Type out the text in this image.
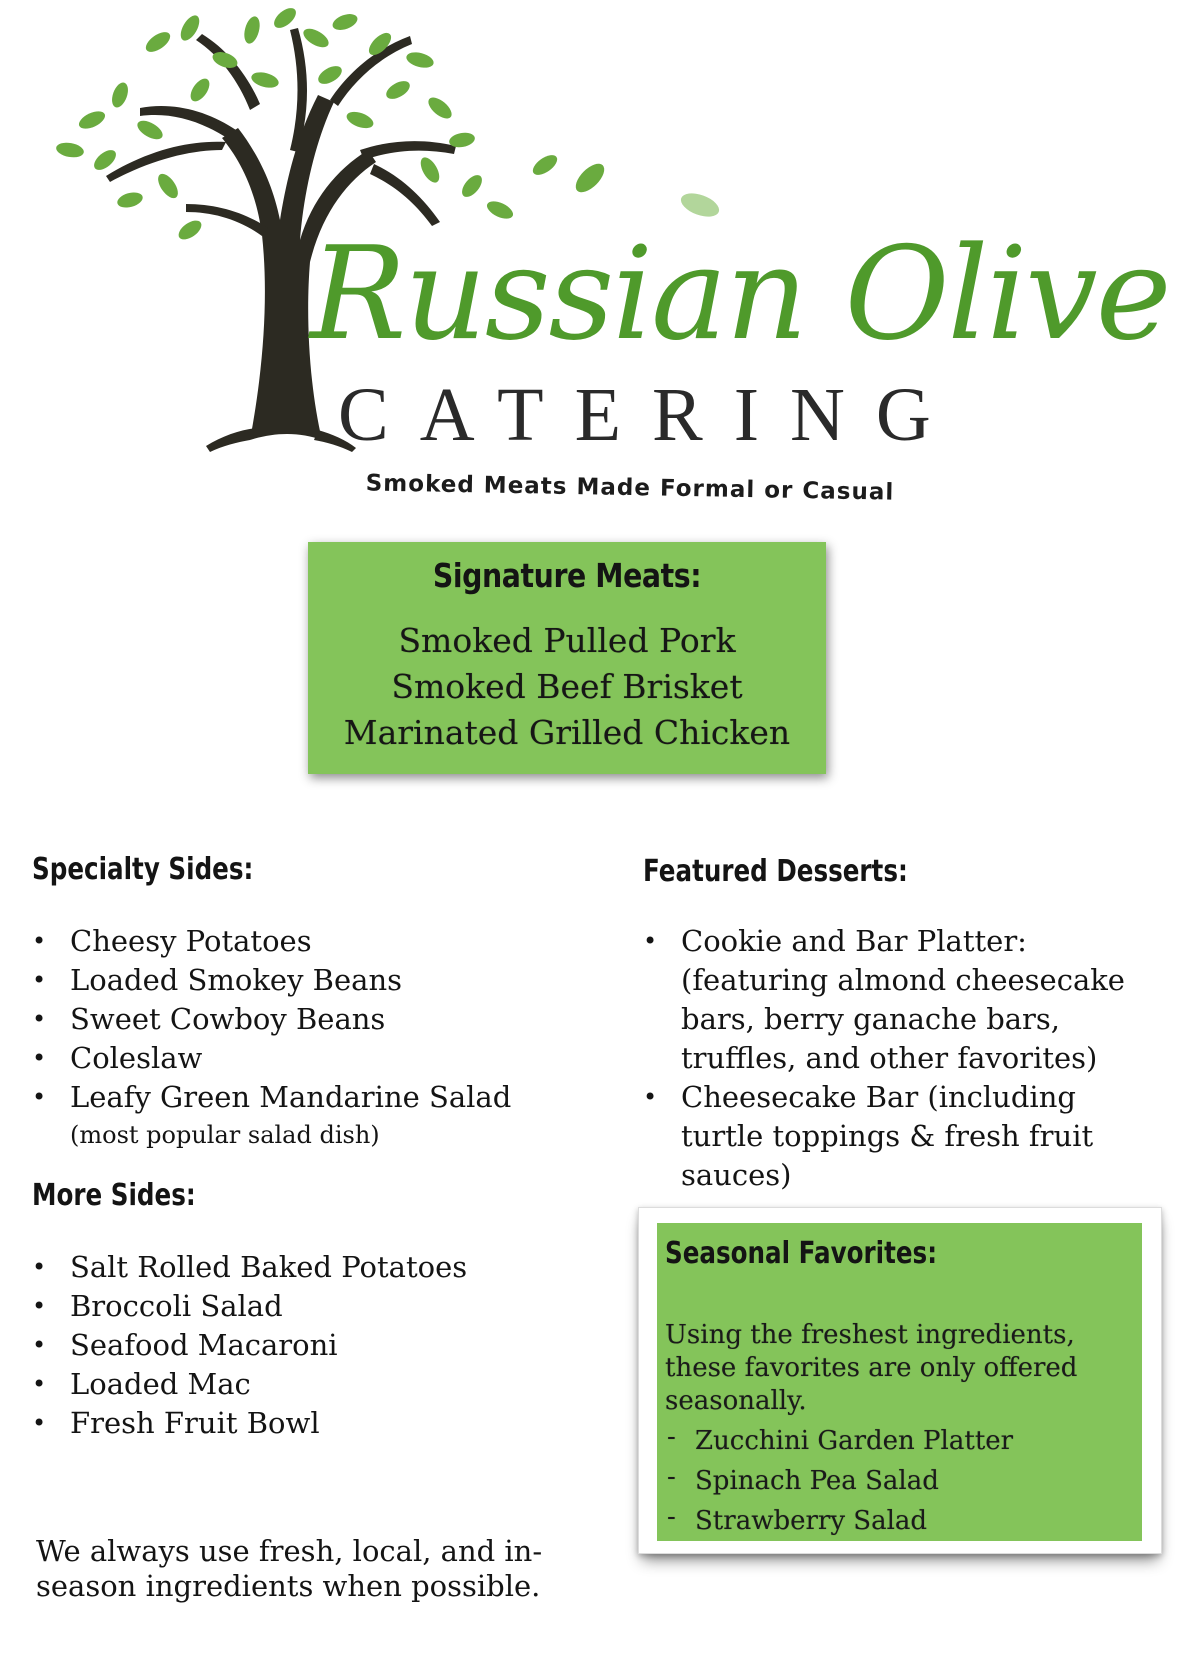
Russian Olive
CATERING
Smoked Meats Made Formal or Casual
Signature Meats:
Smoked Pulled Pork
Smoked Beef Brisket
Marinated Grilled Chicken
Specialty Sides:
• Cheesy Potatoes
• Loaded Smokey Beans
• Sweet Cowboy Beans
• Coleslaw
• Leafy Green Mandarine Salad
(most popular salad dish)
More Sides:
• Salt Rolled Baked Potatoes
• Broccoli Salad
• Seafood Macaroni
• Loaded Mac
• Fresh Fruit Bowl
Featured Desserts:
• Cookie and Bar Platter:(featuring almond cheesecake bars, berry ganache bars, truffles, and other favorites)
• Cheesecake Bar (including turtle toppings & fresh fruit sauces)
Seasonal Favorites:
Using the freshest ingredients, these favorites are only offered seasonally.
- Zucchini Garden Platter
- Spinach Pea Salad
- Strawberry Salad
We always use fresh, local, and in-season ingredients when possible.
